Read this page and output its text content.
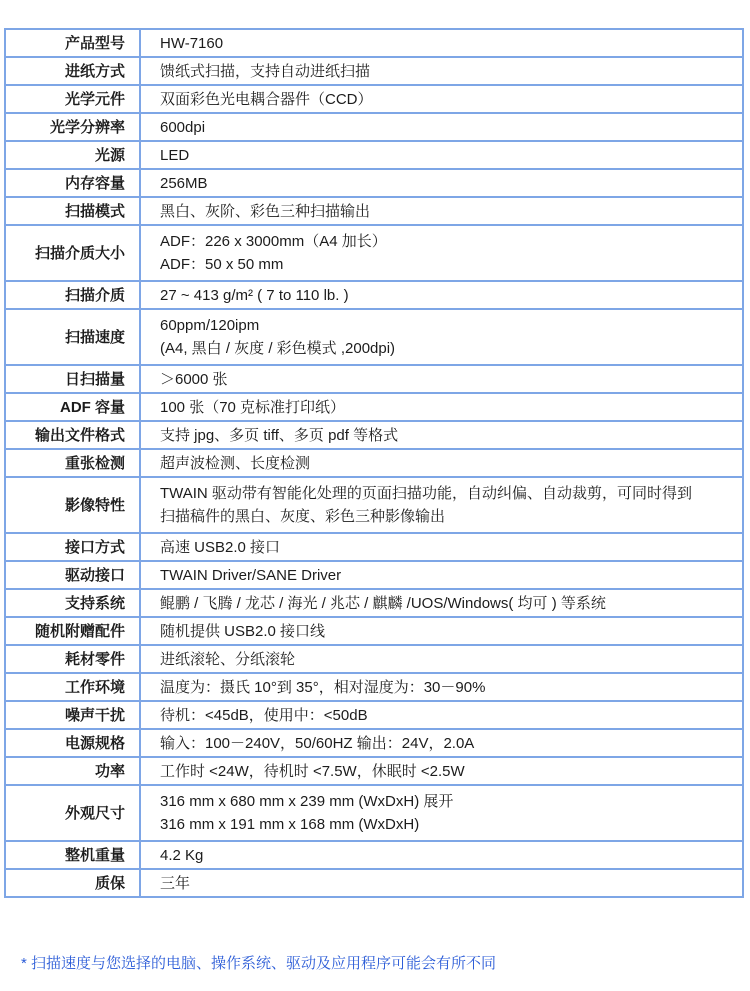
产品型号	HW-7160

进纸方式	馈纸式扫描，支持自动进纸扫描

光学元件	双面彩色光电耦合器件（CCD）

光学分辨率	600dpi

光源	LED

内存容量	256MB

扫描模式	黑白、灰阶、彩色三种扫描输出

扫描介质大小	ADF：226 x 3000mm（A4 加长）
ADF：50 x 50 mm

扫描介质	27 ~ 413 g/m² ( 7 to 110 lb. )

扫描速度	60ppm/120ipm
(A4, 黑白 / 灰度 / 彩色模式 ,200dpi)

日扫描量	＞6000 张

ADF 容量	100 张（70 克标准打印纸）

输出文件格式	支持 jpg、多页 tiff、多页 pdf 等格式

重张检测	超声波检测、长度检测

影像特性	TWAIN 驱动带有智能化处理的页面扫描功能，自动纠偏、自动裁剪，可同时得到
扫描稿件的黑白、灰度、彩色三种影像输出

接口方式	高速 USB2.0 接口

驱动接口	TWAIN Driver/SANE Driver

支持系统	鲲鹏 / 飞腾 / 龙芯 / 海光 / 兆芯 / 麒麟 /UOS/Windows( 均可 ) 等系统

随机附赠配件	随机提供 USB2.0 接口线

耗材零件	进纸滚轮、分纸滚轮

工作环境	温度为：摄氏 10°到 35°，相对湿度为：30－90%

噪声干扰	待机：<45dB，使用中：<50dB

电源规格	输入：100－240V，50/60HZ 输出：24V，2.0A

功率	工作时 <24W，待机时 <7.5W，休眠时 <2.5W

外观尺寸	316 mm x 680 mm x 239 mm (WxDxH) 展开
316 mm x 191 mm x 168 mm (WxDxH)

整机重量	4.2 Kg

质保	三年
* 扫描速度与您选择的电脑、操作系统、驱动及应用程序可能会有所不同
